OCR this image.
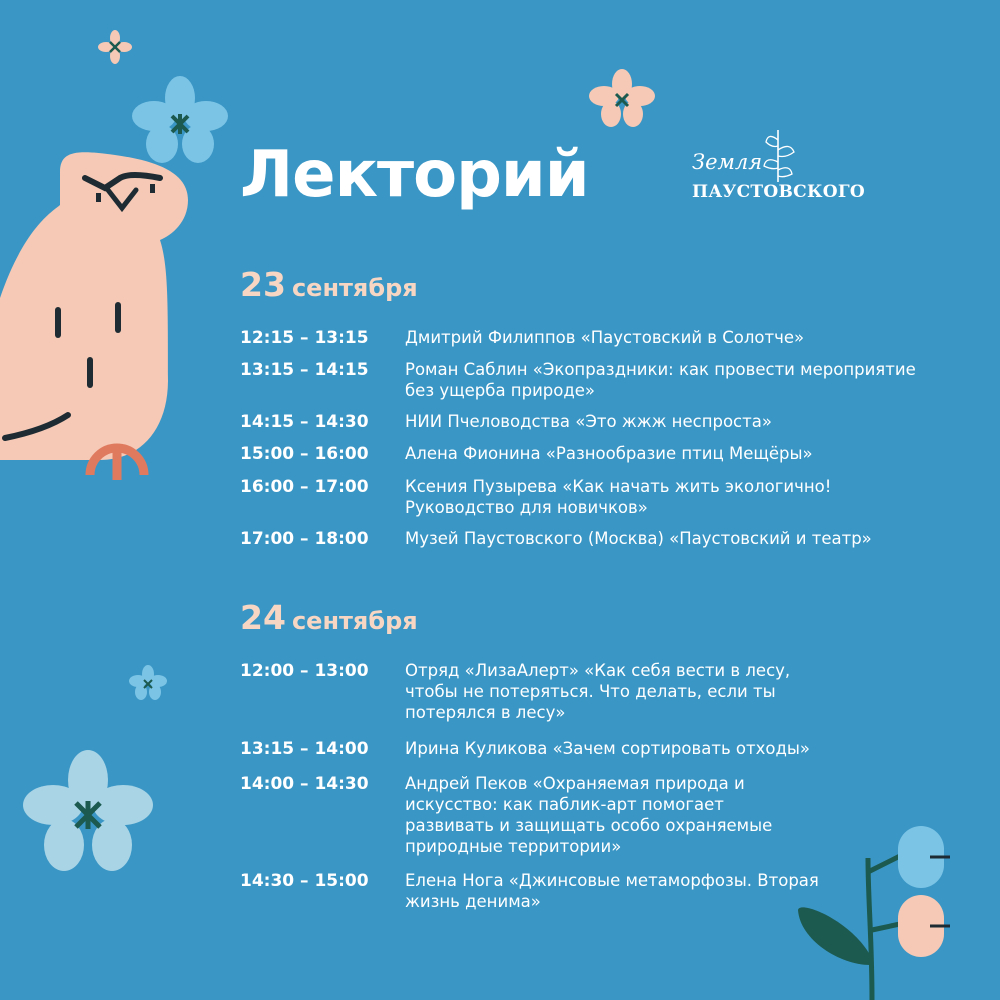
Лекторий	Земля
ПАУСТОВСКОГО
23 сентября
12:15 – 13:15	Дмитрий Филиппов «Паустовский в Солотче»
13:15 – 14:15	Роман Саблин «Экопраздники: как провести мероприятие без ущерба природе»
14:15 – 14:30	НИИ Пчеловодства «Это жжж неспроста»
15:00 – 16:00	Алена Фионина «Разнообразие птиц Мещёры»
16:00 – 17:00	Ксения Пузырева «Как начать жить экологично! Руководство для новичков»
17:00 – 18:00	Музей Паустовского (Москва) «Паустовский и театр»
24 сентября
12:00 – 13:00	Отряд «ЛизаАлерт» «Как себя вести в лесу, чтобы не потеряться. Что делать, если ты потерялся в лесу»
13:15 – 14:00	Ирина Куликова «Зачем сортировать отходы»
14:00 – 14:30	Андрей Пеков «Охраняемая природа и искусство: как паблик-арт помогает развивать и защищать особо охраняемые природные территории»
14:30 – 15:00	Елена Нога «Джинсовые метаморфозы. Вторая жизнь денима»
